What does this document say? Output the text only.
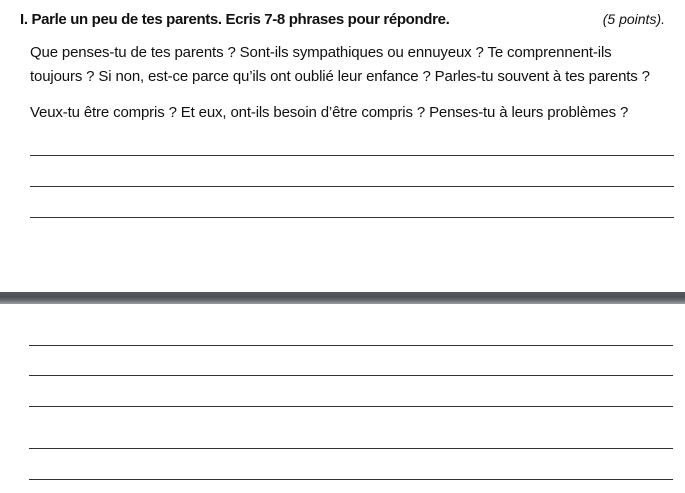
I. Parle un peu de tes parents. Ecris 7-8 phrases pour répondre.	(5 points).
Que penses-tu de tes parents ? Sont-ils sympathiques ou ennuyeux ? Te comprennent-ils
toujours ? Si non, est-ce parce qu’ils ont oublié leur enfance ? Parles-tu souvent à tes parents ?
Veux-tu être compris ? Et eux, ont-ils besoin d’être compris ? Penses-tu à leurs problèmes ?
